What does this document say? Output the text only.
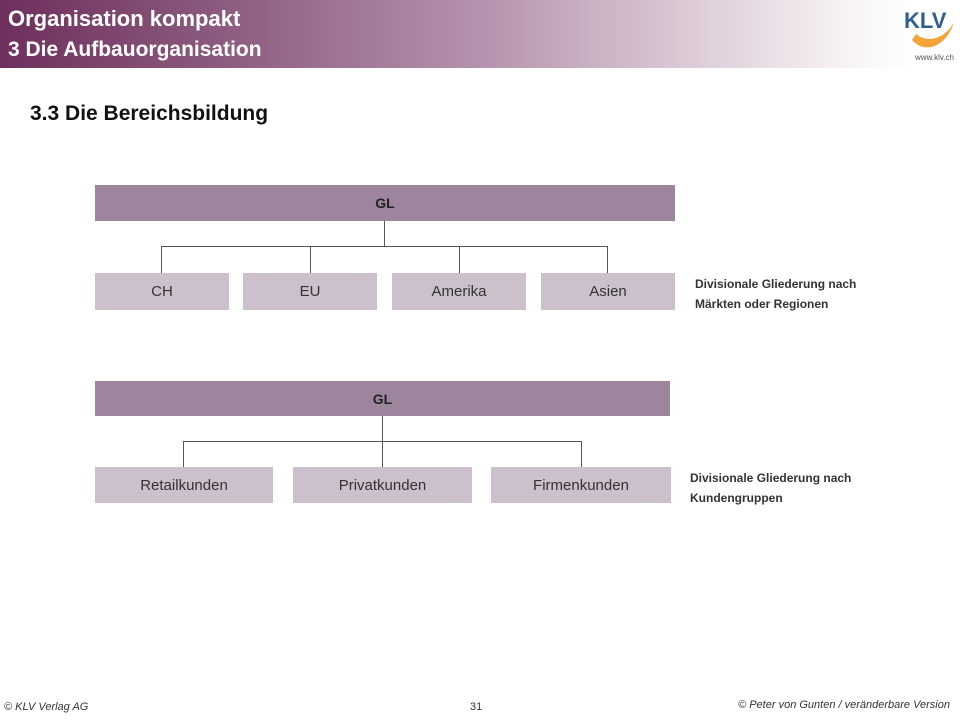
Organisation kompakt
3 Die Aufbauorganisation
KLV
www.klv.ch
3.3 Die Bereichsbildung
GL
CH	EU	Amerika	Asien	Divisionale Gliederung nach
Märkten oder Regionen
GL
Retailkunden	Privatkunden	Firmenkunden	Divisionale Gliederung nach
Kundengruppen
© KLV Verlag AG	31	© Peter von Gunten / veränderbare Version
